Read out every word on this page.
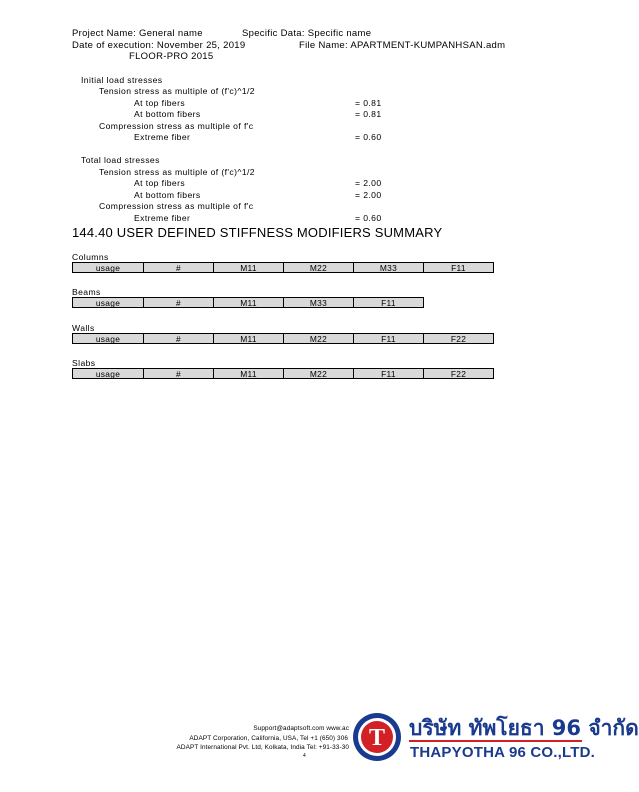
Project Name: General name	Specific Data: Specific name
Date of execution: November 25, 2019	File Name: APARTMENT-KUMPANHSAN.adm
FLOOR-PRO 2015
Initial load stresses
Tension stress as multiple of (f'c)^1/2
At top fibers	= 0.81
At bottom fibers	= 0.81
Compression stress as multiple of f'c
Extreme fiber	= 0.60
Total load stresses
Tension stress as multiple of (f'c)^1/2
At top fibers	= 2.00
At bottom fibers	= 2.00
Compression stress as multiple of f'c
Extreme fiber	= 0.60
144.40 USER DEFINED STIFFNESS MODIFIERS SUMMARY
Columns
usage	#	M11	M22	M33	F11
Beams
usage	#	M11	M33	F11
Walls
usage	#	M11	M22	F11	F22
Slabs
usage	#	M11	M22	F11	F22
Support@adaptsoft.com www.ac
ADAPT Corporation, California, USA, Tel +1 (650) 306
ADAPT International Pvt. Ltd, Kolkata, India Tel: +91-33-30
4
T บริษัท ทัพโยธา 96 จำกัด
THAPYOTHA 96 CO.,LTD.
